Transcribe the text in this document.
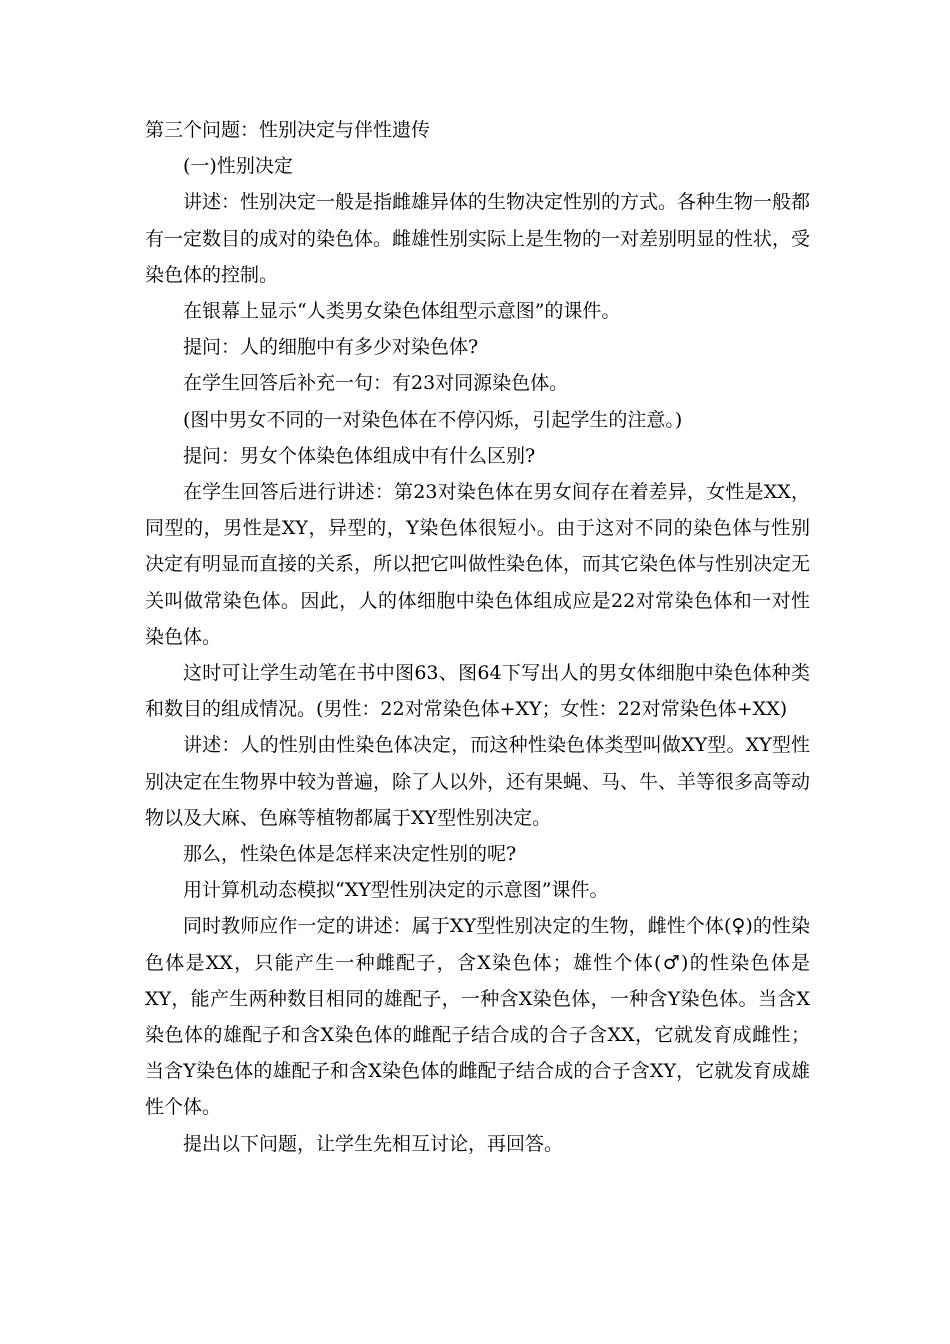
第三个问题：性别决定与伴性遗传

(一)性别决定

讲述：性别决定一般是指雌雄异体的生物决定性别的方式。各种生物一般都有一定数目的成对的染色体。雌雄性别实际上是生物的一对差别明显的性状，受染色体的控制。

在银幕上显示“人类男女染色体组型示意图”的课件。

提问：人的细胞中有多少对染色体?

在学生回答后补充一句：有23对同源染色体。

(图中男女不同的一对染色体在不停闪烁，引起学生的注意。)

提问：男女个体染色体组成中有什么区别?

在学生回答后进行讲述：第23对染色体在男女间存在着差异，女性是XX，同型的，男性是XY，异型的，Y染色体很短小。由于这对不同的染色体与性别决定有明显而直接的关系，所以把它叫做性染色体，而其它染色体与性别决定无关叫做常染色体。因此，人的体细胞中染色体组成应是22对常染色体和一对性染色体。

这时可让学生动笔在书中图63、图64下写出人的男女体细胞中染色体种类和数目的组成情况。(男性：22对常染色体+XY；女性：22对常染色体+XX)

讲述：人的性别由性染色体决定，而这种性染色体类型叫做XY型。XY型性别决定在生物界中较为普遍，除了人以外，还有果蝇、马、牛、羊等很多高等动物以及大麻、色麻等植物都属于XY型性别决定。

那么，性染色体是怎样来决定性别的呢?

用计算机动态模拟“XY型性别决定的示意图”课件。

同时教师应作一定的讲述：属于XY型性别决定的生物，雌性个体(♀)的性染色体是XX，只能产生一种雌配子，含X染色体；雄性个体(♂)的性染色体是XY，能产生两种数目相同的雄配子，一种含X染色体，一种含Y染色体。当含X染色体的雄配子和含X染色体的雌配子结合成的合子含XX，它就发育成雌性；当含Y染色体的雄配子和含X染色体的雌配子结合成的合子含XY，它就发育成雄性个体。

提出以下问题，让学生先相互讨论，再回答。
